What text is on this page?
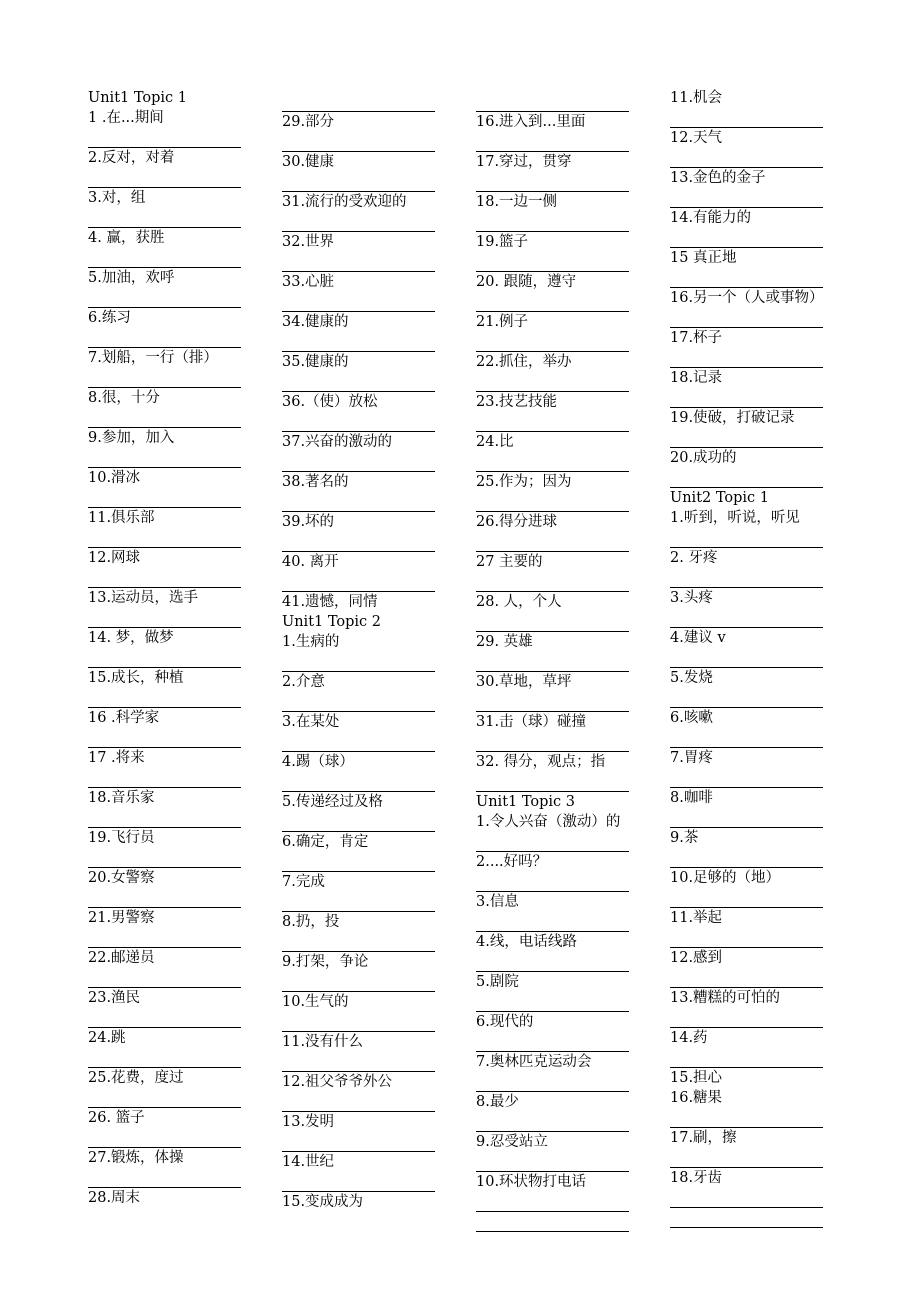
Unit1 Topic 1
1 .在...期间
2.反对，对着
3.对，组
4. 赢，获胜
5.加油，欢呼
6.练习
7.划船，一行（排）
8.很，十分
9.参加，加入
10.滑冰
11.俱乐部
12.网球
13.运动员，选手
14. 梦，做梦
15.成长，种植
16 .科学家
17 .将来
18.音乐家
19.飞行员
20.女警察
21.男警察
22.邮递员
23.渔民
24.跳
25.花费，度过
26. 篮子
27.锻炼，体操
28.周末
29.部分
30.健康
31.流行的受欢迎的
32.世界
33.心脏
34.健康的
35.健康的
36.（使）放松
37.兴奋的激动的
38.著名的
39.坏的
40. 离开
41.遗憾，同情
Unit1 Topic 2
1.生病的
2.介意
3.在某处
4.踢（球）
5.传递经过及格
6.确定，肯定
7.完成
8.扔，投
9.打架，争论
10.生气的
11.没有什么
12.祖父爷爷外公
13.发明
14.世纪
15.变成成为
16.进入到...里面
17.穿过，贯穿
18.一边一侧
19.篮子
20. 跟随，遵守
21.例子
22.抓住，举办
23.技艺技能
24.比
25.作为；因为
26.得分进球
27 主要的
28. 人，个人
29. 英雄
30.草地，草坪
31.击（球）碰撞
32. 得分，观点；指
Unit1 Topic 3
1.令人兴奋（激动）的
2....好吗？
3.信息
4.线，电话线路
5.剧院
6.现代的
7.奥林匹克运动会
8.最少
9.忍受站立
10.环状物打电话
11.机会
12.天气
13.金色的金子
14.有能力的
15 真正地
16.另一个（人或事物）
17.杯子
18.记录
19.使破，打破记录
20.成功的
Unit2 Topic 1
1.听到，听说，听见
2. 牙疼
3.头疼
4.建议 v
5.发烧
6.咳嗽
7.胃疼
8.咖啡
9.茶
10.足够的（地）
11.举起
12.感到
13.糟糕的可怕的
14.药
15.担心
16.糖果
17.刷，擦
18.牙齿
